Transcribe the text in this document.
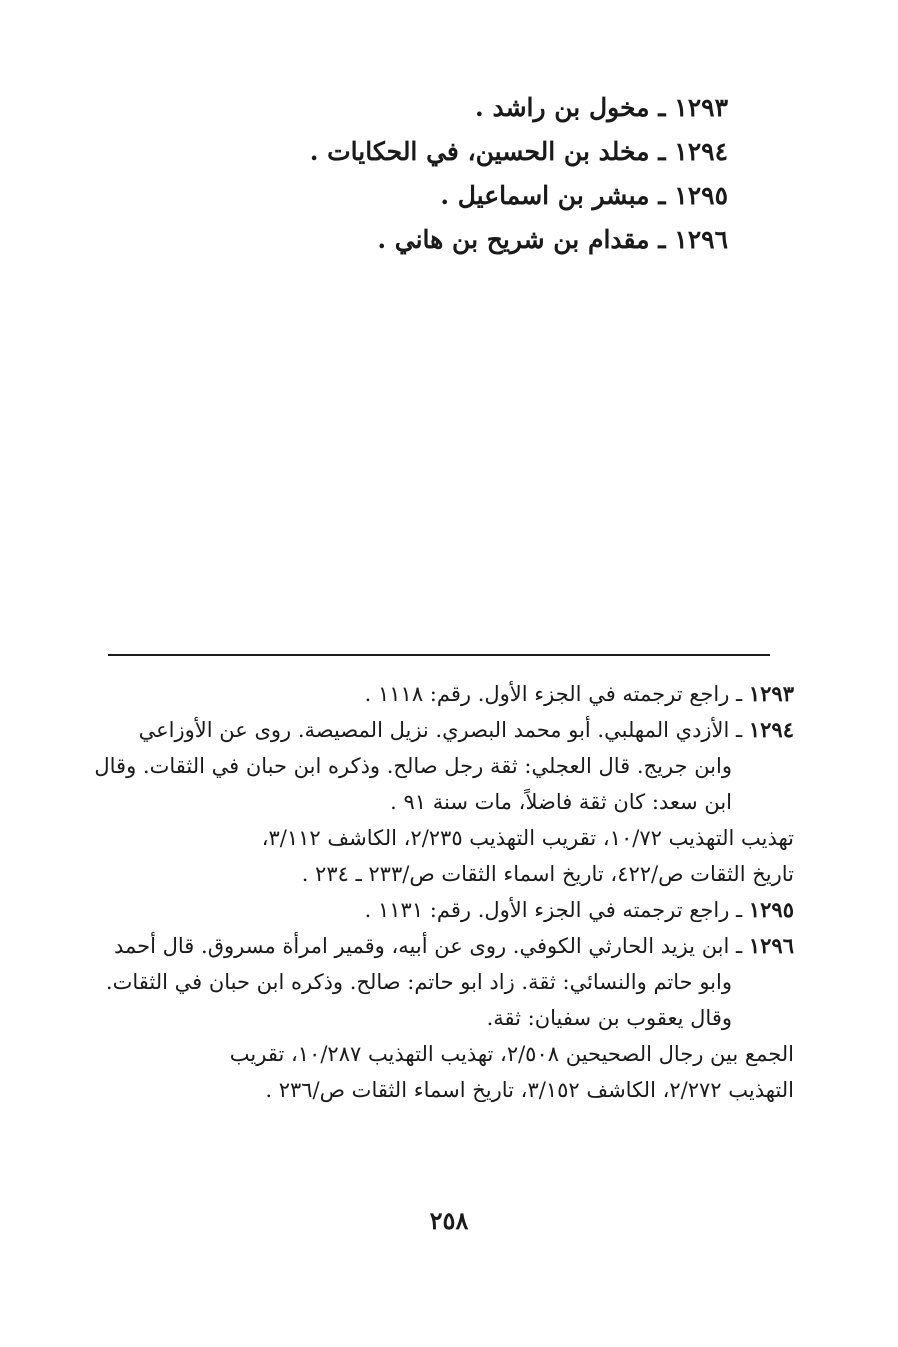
١٢٩٣ ـ مخول بن راشد .
١٢٩٤ ـ مخلد بن الحسين، في الحكايات .
١٢٩٥ ـ مبشر بن اسماعيل .
١٢٩٦ ـ مقدام بن شريح بن هاني .

١٢٩٣ ـ راجع ترجمته في الجزء الأول. رقم: ١١١٨ .

١٢٩٤ ـ الأزدي المهلبي. أبو محمد البصري. نزيل المصيصة. روى عن الأوزاعي

وابن جريج. قال العجلي: ثقة رجل صالح. وذكره ابن حبان في الثقات. وقال

ابن سعد: كان ثقة فاضلاً، مات سنة ٩١ .

تهذيب التهذيب ١٠/٧٢، تقريب التهذيب ٢/٢٣٥، الكاشف ٣/١١٢،

تاريخ الثقات ص/٤٢٢، تاريخ اسماء الثقات ص/٢٣٣ ـ ٢٣٤ .

١٢٩٥ ـ راجع ترجمته في الجزء الأول. رقم: ١١٣١ .

١٢٩٦ ـ ابن يزيد الحارثي الكوفي. روى عن أبيه، وقمير امرأة مسروق. قال أحمد

وابو حاتم والنسائي: ثقة. زاد ابو حاتم: صالح. وذكره ابن حبان في الثقات.

وقال يعقوب بن سفيان: ثقة.

الجمع بين رجال الصحيحين ٢/٥٠٨، تهذيب التهذيب ١٠/٢٨٧، تقريب

التهذيب ٢/٢٧٢، الكاشف ٣/١٥٢، تاريخ اسماء الثقات ص/٢٣٦ .

٢٥٨
